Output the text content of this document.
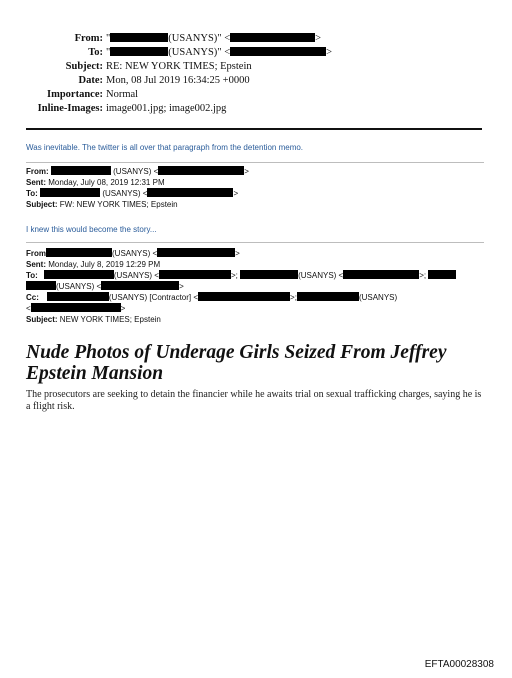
From: "	(USANYS)" <	>
To: "	(USANYS)" <	>
Subject: RE: NEW YORK TIMES; Epstein
Date: Mon, 08 Jul 2019 16:34:25 +0000
Importance: Normal
Inline-Images: image001.jpg; image002.jpg
Was inevitable. The twitter is all over that paragraph from the detention memo.
From:	(USANYS) <	>
Sent: Monday, July 08, 2019 12:31 PM
To:	(USANYS) <	>
Subject: FW: NEW YORK TIMES; Epstein
I knew this would become the story...
From	(USANYS) <	>
Sent: Monday, July 8, 2019 12:29 PM
To:	(USANYS) <	>;	(USANYS) <	>;
(USANYS) <	>
Cc:	(USANYS) [Contractor] <	>;	(USANYS)
<	>
Subject: NEW YORK TIMES; Epstein
Nude Photos of Underage Girls Seized From Jeffrey Epstein Mansion
The prosecutors are seeking to detain the financier while he awaits trial on sexual trafficking charges, saying he is a flight risk.
EFTA00028308
